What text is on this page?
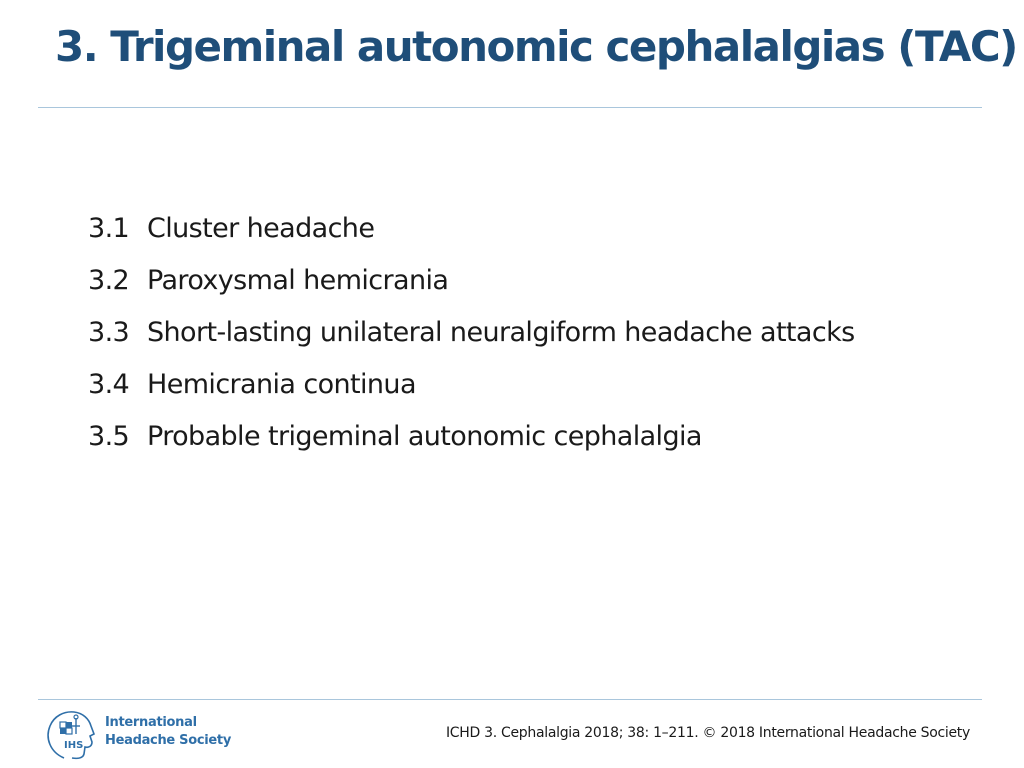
3. Trigeminal autonomic cephalalgias (TAC)
3.1 Cluster headache
3.2 Paroxysmal hemicrania
3.3 Short-lasting unilateral neuralgiform headache attacks
3.4 Hemicrania continua
3.5 Probable trigeminal autonomic cephalalgia
IHS
International
Headache Society	ICHD 3. Cephalalgia 2018; 38: 1–211. © 2018 International Headache Society
